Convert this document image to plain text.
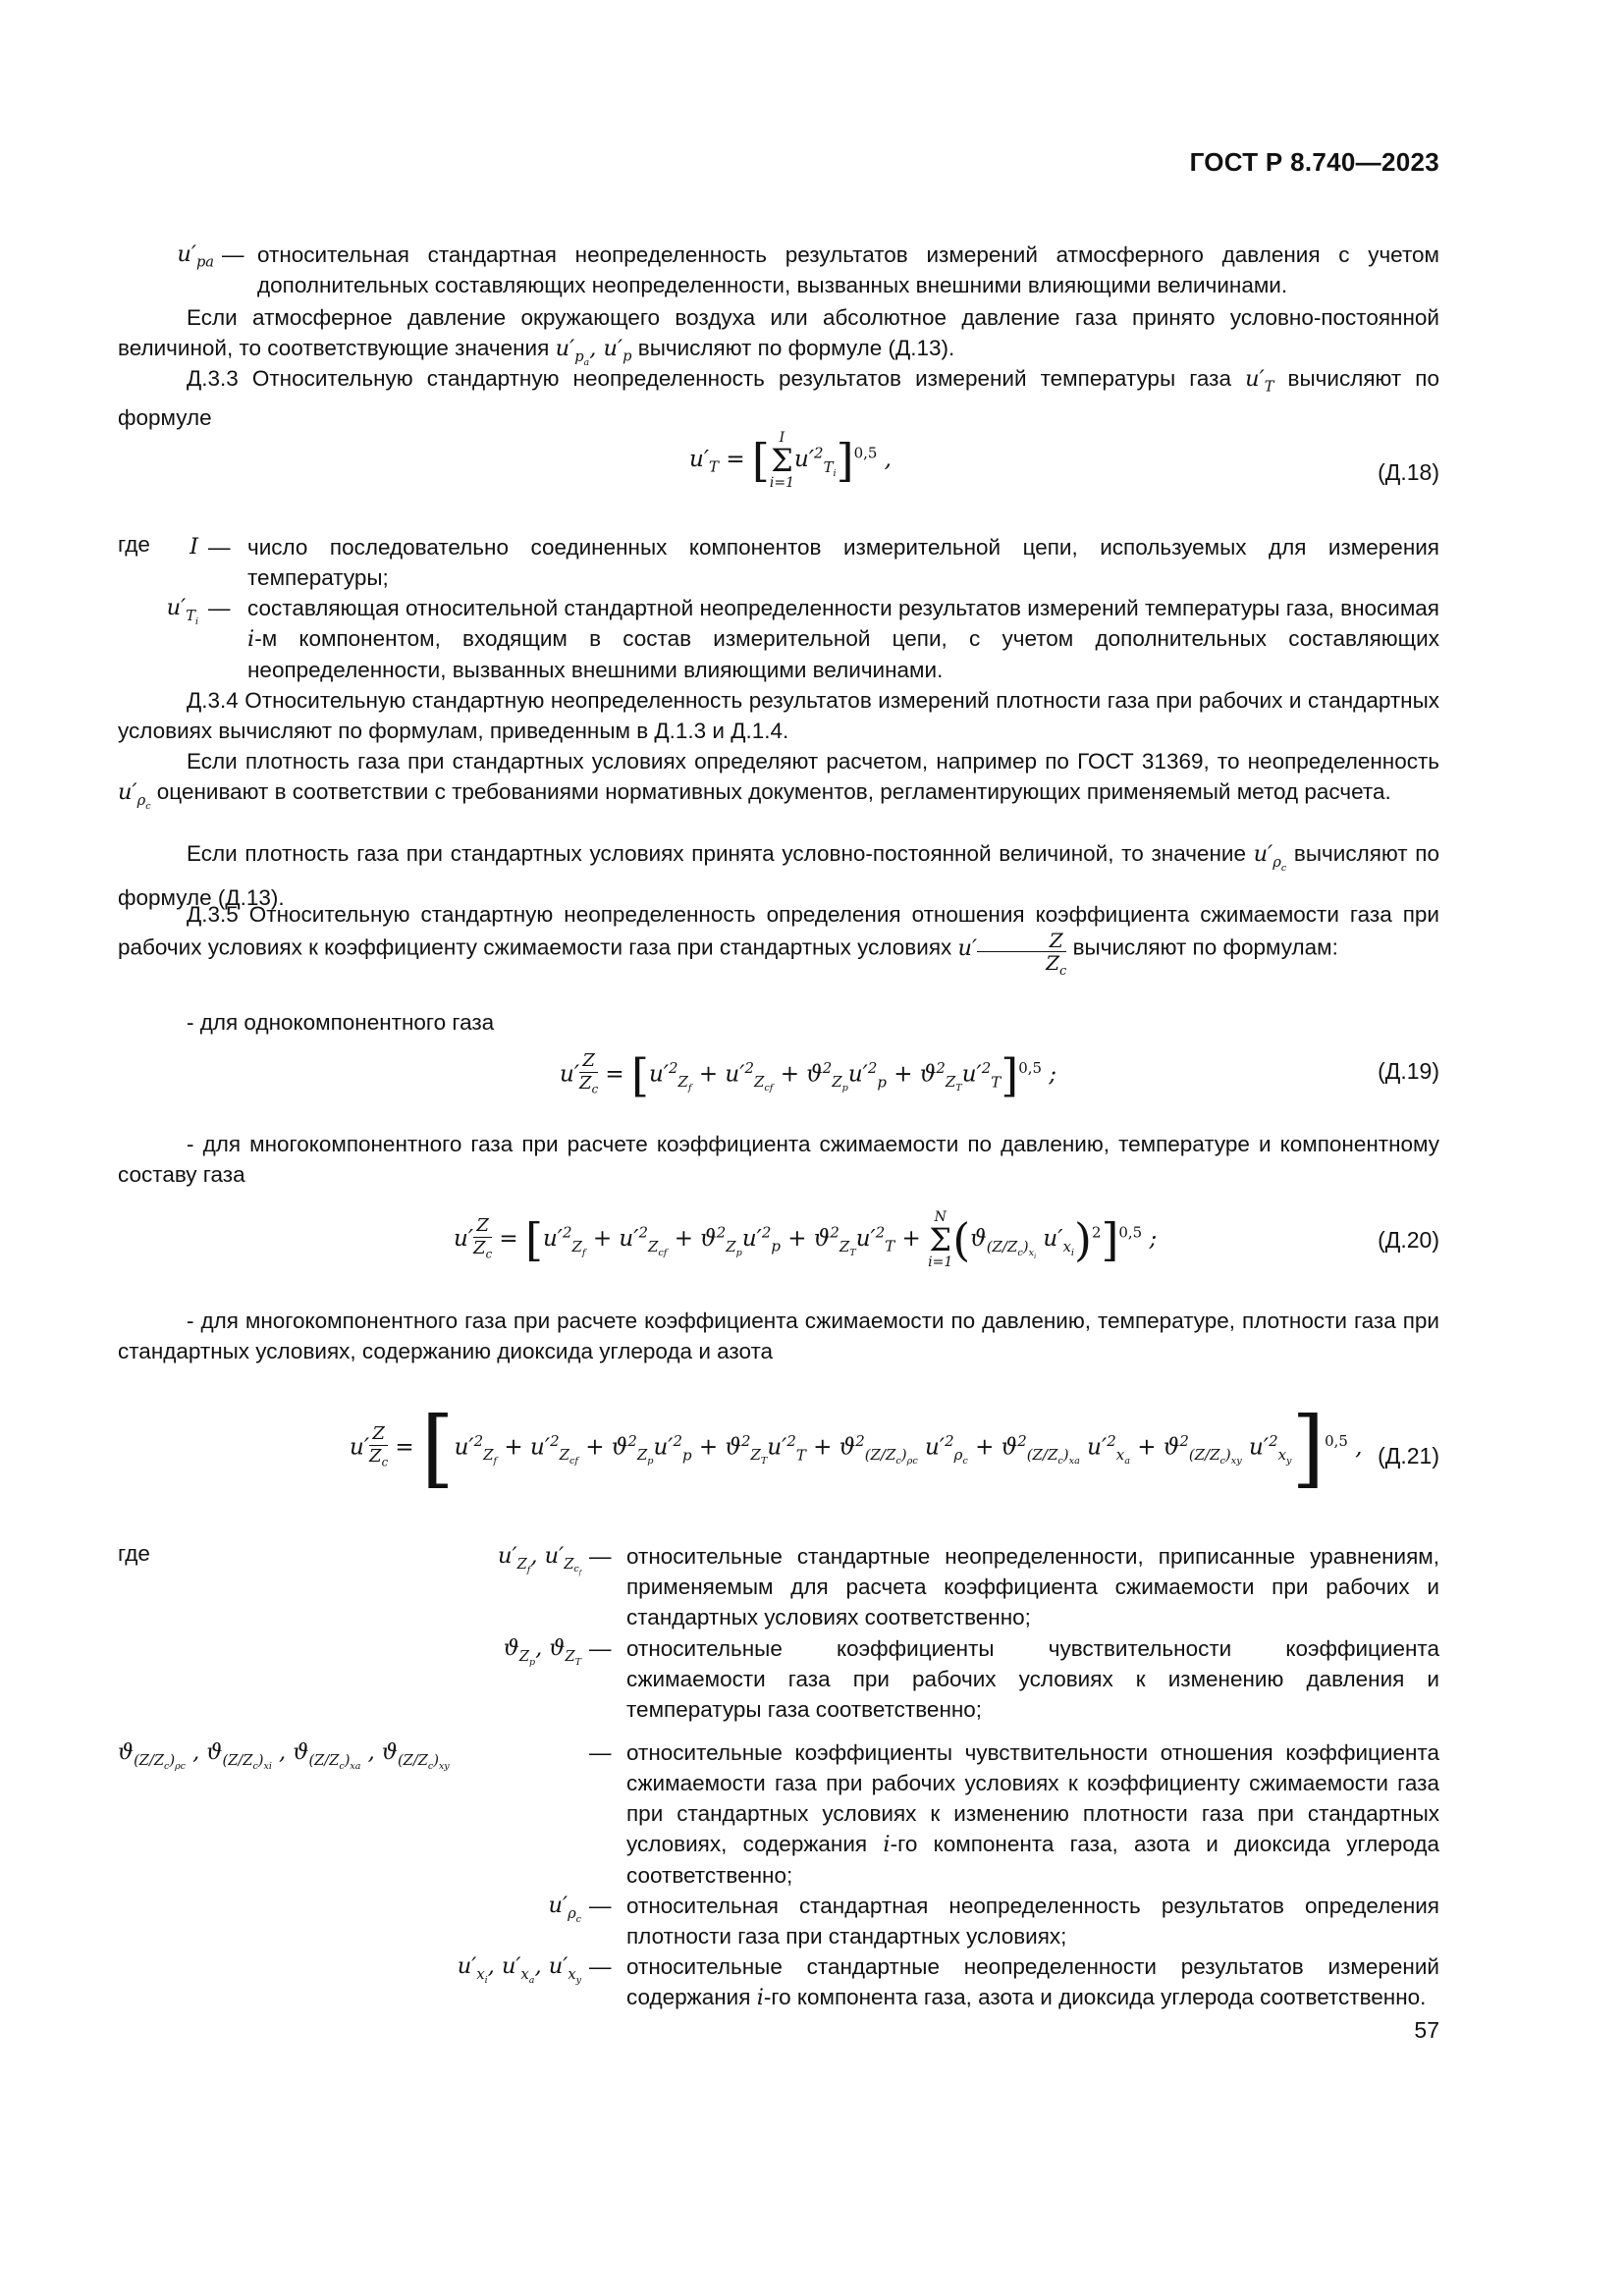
ГОСТ Р 8.740—2023
$u'_{pa}$ — относительная стандартная неопределенность результатов измерений атмосферного давления с учетом дополнительных составляющих неопределенности, вызванных внешними влияющими величинами.
Если атмосферное давление окружающего воздуха или абсолютное давление газа принято условно-постоянной величиной, то соответствующие значения $u'_{p_a}$, $u'_p$ вычисляют по формуле (Д.13).
Д.3.3 Относительную стандартную неопределенность результатов измерений температуры газа $u'_T$ вычисляют по формуле
$u'_T$ = [ I
Σ
i=1
$u'^2_{T_i}]^{0,5}$ ,	(Д.18)
где	I — число последовательно соединенных компонентов измерительной цепи, используемых для измерения температуры;
$u'_{T_i}$
— составляющая относительной стандартной неопределенности результатов измерений температуры газа, вносимая i-м компонентом, входящим в состав измерительной цепи, с учетом дополнительных составляющих неопределенности, вызванных внешними влияющими величинами.
Д.3.4 Относительную стандартную неопределенность результатов измерений плотности газа при рабочих и стандартных условиях вычисляют по формулам, приведенным в Д.1.3 и Д.1.4.
Если плотность газа при стандартных условиях определяют расчетом, например по ГОСТ 31369, то неопределенность $u'_{\rho_c}$ оценивают в соответствии с требованиями нормативных документов, регламентирующих применяемый метод расчета.
Если плотность газа при стандартных условиях принята условно-постоянной величиной, то значение $u'_{\rho_c}$ вычисляют по формуле (Д.13).
Д.3.5 Относительную стандартную неопределенность определения отношения коэффициента сжимаемости газа при рабочих условиях к коэффициенту сжимаемости газа при стандартных условиях u′ $_{\frac{Z}{Z_c}}$ вычисляют по формулам:
- для однокомпонентного газа
$u' \frac{Z}{Z_c} = [u'^2_{Z_f} + u'^2_{Z_{cf}} + ϑ^2_{Z_p}u'^2_p + ϑ^2_{Z_T}u'^2_T]^{0,5}$ ;	(Д.19)
- для многокомпонентного газа при расчете коэффициента сжимаемости по давлению, температуре и компонентному составу газа
$u' \frac{Z}{Z_c} = [u'^2_{Z_f} + u'^2_{Z_{cf}} + ϑ^2_{Z_p}u'^2_p + ϑ^2_{Z_T}u'^2_T$ +
N
Σ
i=1 ($ϑ_{(Z/Z_c)_{x_i}}$ $u'_{x_i})^2]^{0,5}$ ;	(Д.20)
- для многокомпонентного газа при расчете коэффициента сжимаемости по давлению, температуре, плотности газа при стандартных условиях, содержанию диоксида углерода и азота
$u' \frac{Z}{Z_c} = [u'^2_{Z_f} + u'^2_{Z_{cf}} + ϑ^2_{Z_p}u'^2_p + ϑ^2_{Z_T}u'^2_T + ϑ^2_{(Z/Z_c)_{\rho c}}$ $u'^2_{\rho_c} + ϑ^2_{(Z/Z_c)_{xa}}$ $u'^2_{x_a} + ϑ^2_{(Z/Z_c)_{xy}}$ $u'^2_{x_y}]^{0,5}$ , (Д.21)
где	$u'_{Z_f}$, $u'_{Z_{c_f}}$
— относительные стандартные неопределенности, приписанные уравнениям, применяемым для расчета коэффициента сжимаемости при рабочих и стандартных условиях соответственно;
$ϑ_{Z_p}$, $ϑ_{Z_T}$
— относительные коэффициенты чувствительности коэффициента сжимаемости газа при рабочих условиях к изменению давления и температуры газа соответственно;
$ϑ_{(Z/Z_c)_{\rho c}}$ , $ϑ_{(Z/Z_c)_{xi}}$ , $ϑ_{(Z/Z_c)_{xa}}$ , $ϑ_{(Z/Z_c)_{xy}}$
— относительные коэффициенты чувствительности отношения коэффициента сжимаемости газа при рабочих условиях к коэффициенту сжимаемости газа при стандартных условиях к изменению плотности газа при стандартных условиях, содержания i-го компонента газа, азота и диоксида углерода соответственно;
$u'_{\rho_c}$
— относительная стандартная неопределенность результатов определения плотности газа при стандартных условиях;
$u'_{x_i}$, $u'_{x_a}$, $u'_{x_y}$
— относительные стандартные неопределенности результатов измерений содержания i-го компонента газа, азота и диоксида углерода соответственно.
57
